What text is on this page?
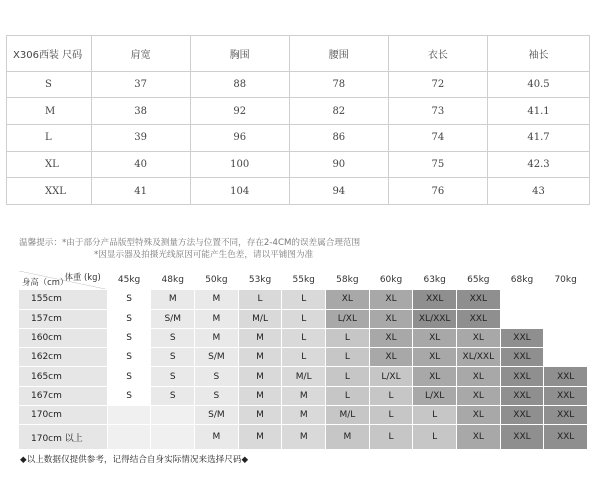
X306西装 尺码	肩宽	胸围	腰围	衣长	袖长
S	37	88	78	72	40.5
M	38	92	82	73	41.1
L	39	96	86	74	41.7
XL	40	100	90	75	42.3
XXL	41	104	94	76	43
温馨提示：*由于部分产品版型特殊及测量方法与位置不同，存在2-4CM的误差属合理范围
*因显示器及拍摄光线原因可能产生色差，请以平铺图为准
体重 (kg)
身高（cm）	45kg	48kg	50kg	53kg	55kg	58kg	60kg	63kg	65kg	68kg	70kg
155cm	S	M	M	L	L	XL	XL	XXL	XXL		
157cm	S	S/M	M	M/L	L	L/XL	XL	XL/XXL	XXL		
160cm	S	S	M	M	L	L	XL	XL	XL	XXL	
162cm	S	S	S/M	M	L	L	XL	XL	XL/XXL	XXL	
165cm	S	S	S	M	M/L	L	L/XL	XL	XL	XXL	XXL
167cm	S	S	S	M	M	L	L	L/XL	XL	XXL	XXL
170cm			S/M	M	M	M/L	L	L	XL	XXL	XXL
170cm 以上			M	M	M	M	L	L	XL	XXL	XXL
◆以上数据仅提供参考，记得结合自身实际情况来选择尺码◆
